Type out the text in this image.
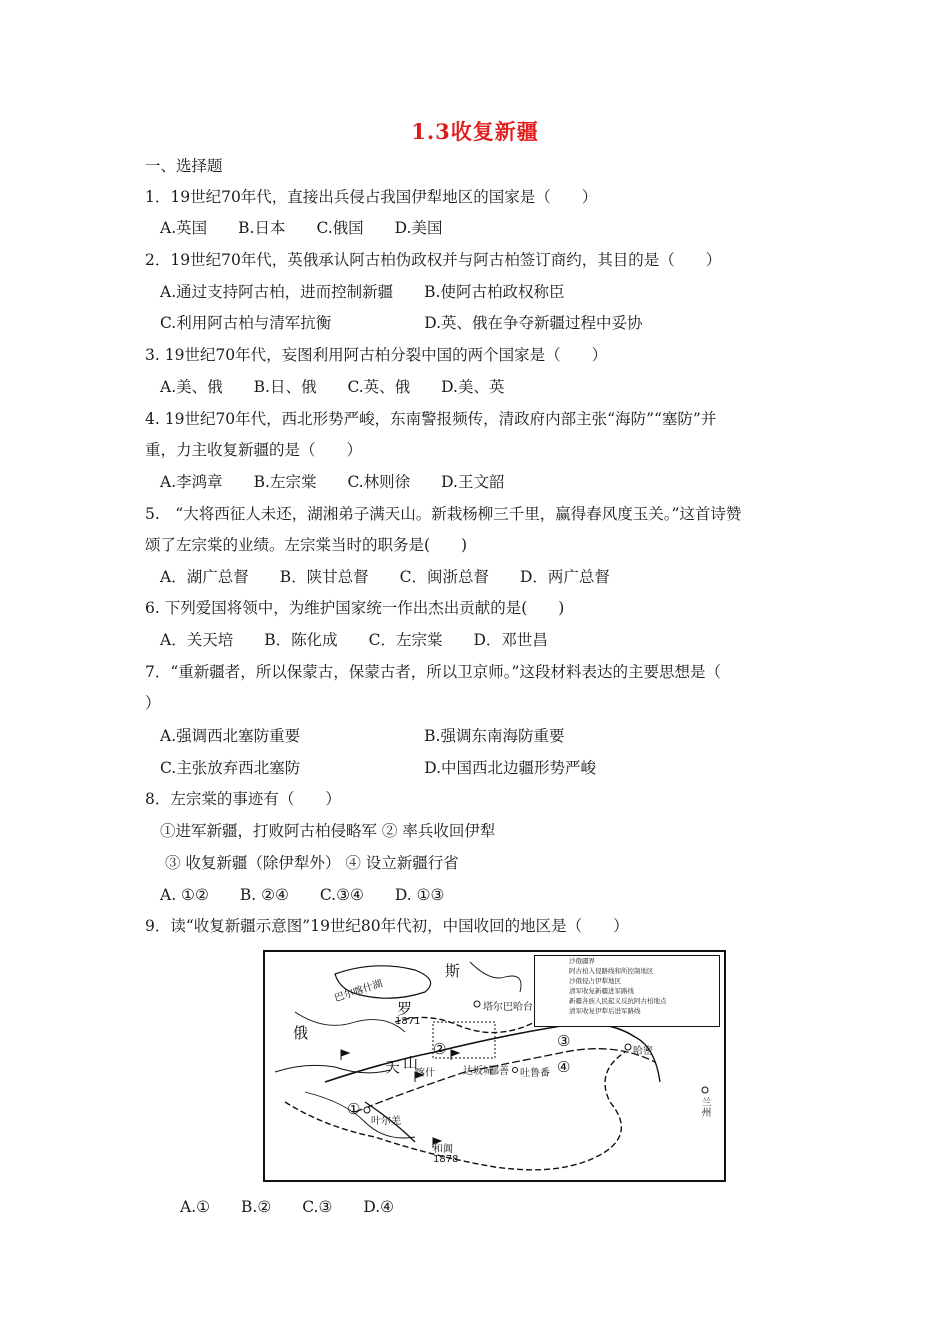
1.3收复新疆
一、选择题
1．19世纪70年代，直接出兵侵占我国伊犁地区的国家是（　　）
A.英国　　B.日本　　C.俄国　　D.美国
2．19世纪70年代，英俄承认阿古柏伪政权并与阿古柏签订商约，其目的是（　　）
A.通过支持阿古柏，进而控制新疆　　B.使阿古柏政权称臣
C.利用阿古柏与清军抗衡　　　　　　D.英、俄在争夺新疆过程中妥协
3. 19世纪70年代，妄图利用阿古柏分裂中国的两个国家是（　　）
A.美、俄　　B.日、俄　　C.英、俄　　D.美、英
4. 19世纪70年代，西北形势严峻，东南警报频传，清政府内部主张“海防”“塞防”并
重，力主收复新疆的是（　　）
A.李鸿章　　B.左宗棠　　C.林则徐　　D.王文韶
5.　“大将西征人未还，湖湘弟子满天山。新栽杨柳三千里，赢得春风度玉关。”这首诗赞
颂了左宗棠的业绩。左宗棠当时的职务是(　　)
A．湖广总督　　B．陕甘总督　　C．闽浙总督　　D．两广总督
6. 下列爱国将领中，为维护国家统一作出杰出贡献的是(　　)
A．关天培　　B．陈化成　　C．左宗棠　　D．邓世昌
7．“重新疆者，所以保蒙古，保蒙古者，所以卫京师。”这段材料表达的主要思想是（
）
A.强调西北塞防重要　　　　　　　　B.强调东南海防重要
C.主张放弃西北塞防　　　　　　　　D.中国西北边疆形势严峻
8．左宗棠的事迹有（　　）
①进军新疆，打败阿古柏侵略军 ② 率兵收回伊犁
③ 收复新疆（除伊犁外） ④ 设立新疆行省
A. ①②　　B. ②④　　C.③④　　D. ①③
9．读“收复新疆示意图”19世纪80年代初，中国收回的地区是（　　）
沙俄疆界
阿古柏入侵路线和所控制地区
沙俄侵占伊犁地区
清军收复新疆进军路线
新疆各族人民起义反抗阿古柏地点
清军收复伊犁后进军路线
巴尔喀什湖
斯
罗
俄
塔尔巴哈台
1871
喀什	达坂城
鄯善 吐鲁番
哈密
叶尔羌
和阗
1878
兰州
天 山
①
②	③
④
A.①　　B.②　　C.③　　D.④
